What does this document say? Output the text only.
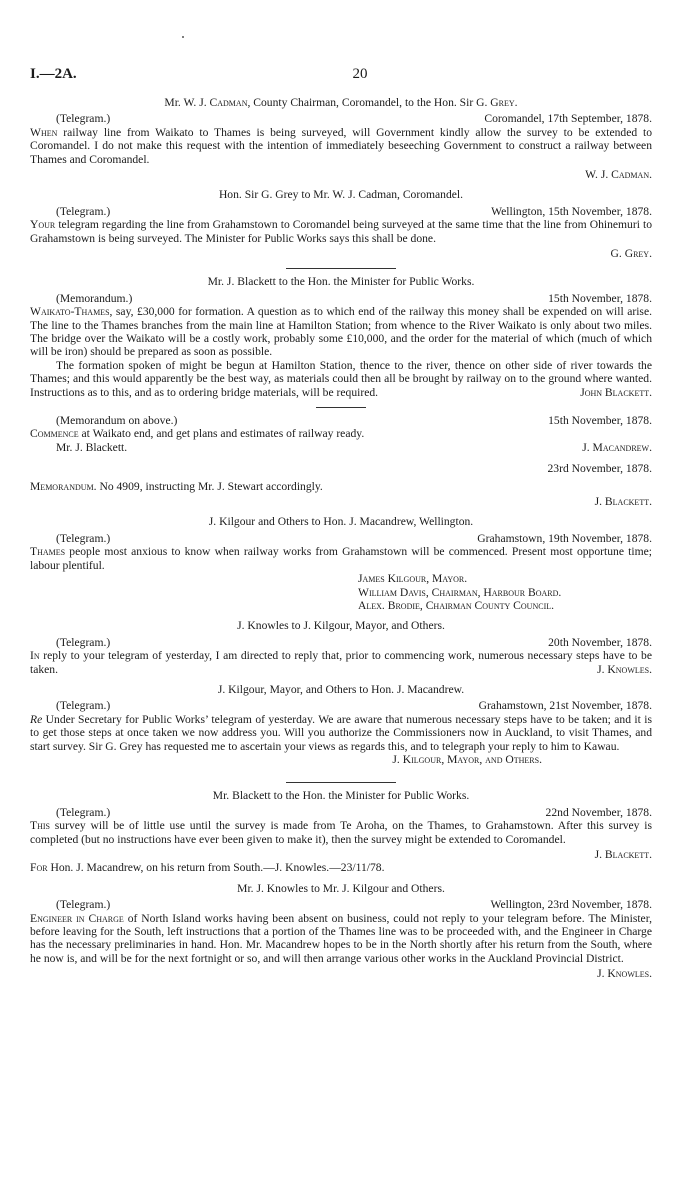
I.—2A.	20
Mr. W. J. Cadman, County Chairman, Coromandel, to the Hon. Sir G. Grey.
(Telegram.)	Coromandel, 17th September, 1878.

When railway line from Waikato to Thames is being surveyed, will Government kindly allow the survey to be extended to Coromandel. I do not make this request with the intention of immediately beseeching Government to construct a railway between Thames and Coromandel.

W. J. Cadman.
Hon. Sir G. Grey to Mr. W. J. Cadman, Coromandel.
(Telegram.)	Wellington, 15th November, 1878.

Your telegram regarding the line from Grahamstown to Coromandel being surveyed at the same time that the line from Ohinemuri to Grahamstown is being surveyed. The Minister for Public Works says this shall be done.

G. Grey.
Mr. J. Blackett to the Hon. the Minister for Public Works.
(Memorandum.)	15th November, 1878.

Waikato-Thames, say, £30,000 for formation. A question as to which end of the railway this money shall be expended on will arise. The line to the Thames branches from the main line at Hamilton Station; from whence to the River Waikato is only about two miles. The bridge over the Waikato will be a costly work, probably some £10,000, and the order for the material of which (much of which will be iron) should be prepared as soon as possible.

The formation spoken of might be begun at Hamilton Station, thence to the river, thence on other side of river towards the Thames; and this would apparently be the best way, as materials could then all be brought by railway on to the ground where wanted. Instructions as to this, and as to ordering bridge materials, will be required.	John Blackett.
(Memorandum on above.)	15th November, 1878.

Commence at Waikato end, and get plans and estimates of railway ready.

Mr. J. Blackett.	J. Macandrew.
23rd November, 1878.

Memorandum. No 4909, instructing Mr. J. Stewart accordingly.

J. Blackett.
J. Kilgour and Others to Hon. J. Macandrew, Wellington.
(Telegram.)	Grahamstown, 19th November, 1878.

Thames people most anxious to know when railway works from Grahamstown will be commenced. Present most opportune time; labour plentiful.

James Kilgour, Mayor.
William Davis, Chairman, Harbour Board.
Alex. Brodie, Chairman County Council.
J. Knowles to J. Kilgour, Mayor, and Others.
(Telegram.)	20th November, 1878.

In reply to your telegram of yesterday, I am directed to reply that, prior to commencing work, numerous necessary steps have to be taken.	J. Knowles.
J. Kilgour, Mayor, and Others to Hon. J. Macandrew.
(Telegram.)	Grahamstown, 21st November, 1878.

Re Under Secretary for Public Works’ telegram of yesterday. We are aware that numerous necessary steps have to be taken; and it is to get those steps at once taken we now address you. Will you authorize the Commissioners now in Auckland, to visit Thames, and start survey. Sir G. Grey has requested me to ascertain your views as regards this, and to telegraph your reply to him to Kawau.

J. Kilgour, Mayor, and Others.
Mr. Blackett to the Hon. the Minister for Public Works.
(Telegram.)	22nd November, 1878.

This survey will be of little use until the survey is made from Te Aroha, on the Thames, to Grahamstown. After this survey is completed (but no instructions have ever been given to make it), then the survey might be extended to Coromandel.

J. Blackett.

For Hon. J. Macandrew, on his return from South.—J. Knowles.—23/11/78.

Mr. J. Knowles to Mr. J. Kilgour and Others.
(Telegram.)	Wellington, 23rd November, 1878.

Engineer in Charge of North Island works having been absent on business, could not reply to your telegram before. The Minister, before leaving for the South, left instructions that a portion of the Thames line was to be proceeded with, and the Engineer in Charge has the necessary preliminaries in hand. Hon. Mr. Macandrew hopes to be in the North shortly after his return from the South, where he now is, and will be for the next fortnight or so, and will then arrange various other works in the Auckland Provincial District.

J. Knowles.
